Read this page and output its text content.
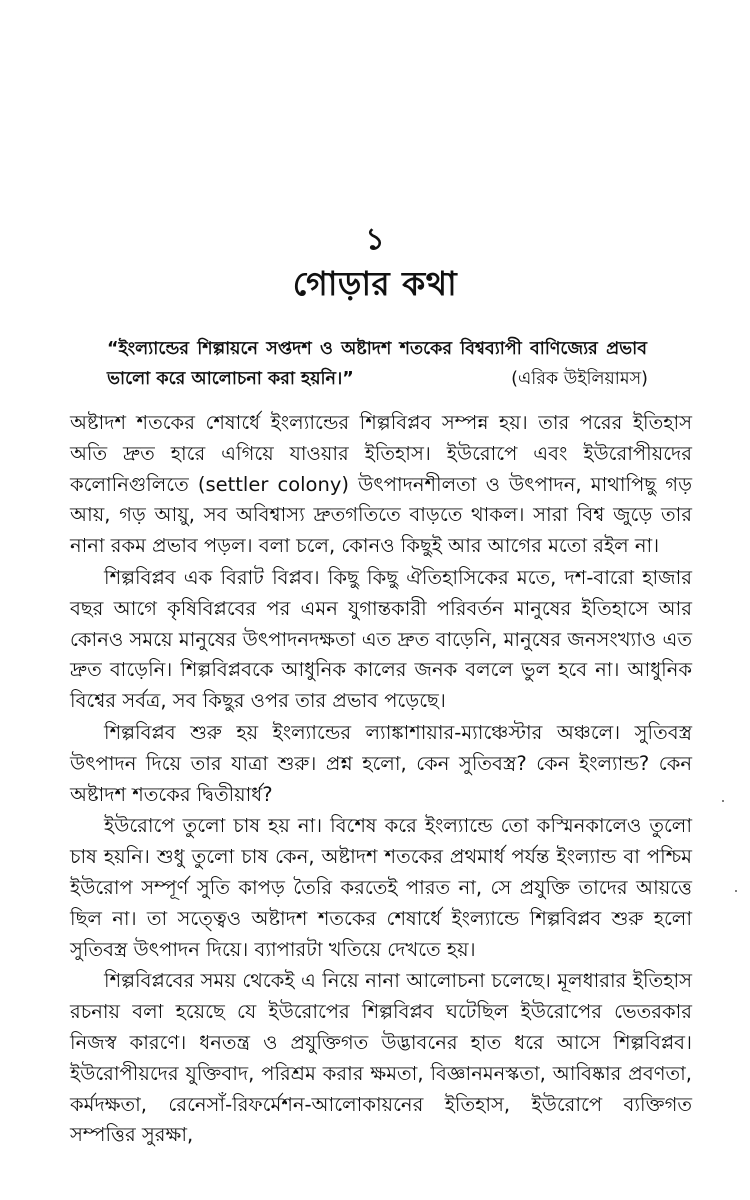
১
গোড়ার কথা
“ইংল্যান্ডের শিল্পায়নে সপ্তদশ ও অষ্টাদশ শতকের বিশ্বব্যাপী বাণিজ্যের প্রভাব ভালো করে আলোচনা করা হয়নি।”	(এরিক উইলিয়ামস)

অষ্টাদশ শতকের শেষার্ধে ইংল্যান্ডের শিল্পবিপ্লব সম্পন্ন হয়। তার পরের ইতিহাস অতি দ্রুত হারে এগিয়ে যাওয়ার ইতিহাস। ইউরোপে এবং ইউরোপীয়দের কলোনিগুলিতে (settler colony) উৎপাদনশীলতা ও উৎপাদন, মাথাপিছু গড় আয়, গড় আয়ু, সব অবিশ্বাস্য দ্রুতগতিতে বাড়তে থাকল। সারা বিশ্ব জুড়ে তার নানা রকম প্রভাব পড়ল। বলা চলে, কোনও কিছুই আর আগের মতো রইল না।

শিল্পবিপ্লব এক বিরাট বিপ্লব। কিছু কিছু ঐতিহাসিকের মতে, দশ-বারো হাজার বছর আগে কৃষিবিপ্লবের পর এমন যুগান্তকারী পরিবর্তন মানুষের ইতিহাসে আর কোনও সময়ে মানুষের উৎপাদনদক্ষতা এত দ্রুত বাড়েনি, মানুষের জনসংখ্যাও এত দ্রুত বাড়েনি। শিল্পবিপ্লবকে আধুনিক কালের জনক বললে ভুল হবে না। আধুনিক বিশ্বের সর্বত্র, সব কিছুর ওপর তার প্রভাব পড়েছে।

শিল্পবিপ্লব শুরু হয় ইংল্যান্ডের ল্যাঙ্কাশায়ার-ম্যাঞ্চেস্টার অঞ্চলে। সুতিবস্ত্র উৎপাদন দিয়ে তার যাত্রা শুরু। প্রশ্ন হলো, কেন সুতিবস্ত্র? কেন ইংল্যান্ড? কেন অষ্টাদশ শতকের দ্বিতীয়ার্ধ?

ইউরোপে তুলো চাষ হয় না। বিশেষ করে ইংল্যান্ডে তো কস্মিনকালেও তুলো চাষ হয়নি। শুধু তুলো চাষ কেন, অষ্টাদশ শতকের প্রথমার্ধ পর্যন্ত ইংল্যান্ড বা পশ্চিম ইউরোপ সম্পূর্ণ সুতি কাপড় তৈরি করতেই পারত না, সে প্রযুক্তি তাদের আয়ত্তে ছিল না। তা সত্ত্বেও অষ্টাদশ শতকের শেষার্ধে ইংল্যান্ডে শিল্পবিপ্লব শুরু হলো সুতিবস্ত্র উৎপাদন দিয়ে। ব্যাপারটা খতিয়ে দেখতে হয়।

শিল্পবিপ্লবের সময় থেকেই এ নিয়ে নানা আলোচনা চলেছে। মূলধারার ইতিহাস রচনায় বলা হয়েছে যে ইউরোপের শিল্পবিপ্লব ঘটেছিল ইউরোপের ভেতরকার নিজস্ব কারণে। ধনতন্ত্র ও প্রযুক্তিগত উদ্ভাবনের হাত ধরে আসে শিল্পবিপ্লব। ইউরোপীয়দের যুক্তিবাদ, পরিশ্রম করার ক্ষমতা, বিজ্ঞানমনস্কতা, আবিষ্কার প্রবণতা, কর্মদক্ষতা, রেনেসাঁ-রিফর্মেশন-আলোকায়নের ইতিহাস, ইউরোপে ব্যক্তিগত সম্পত্তির সুরক্ষা,
